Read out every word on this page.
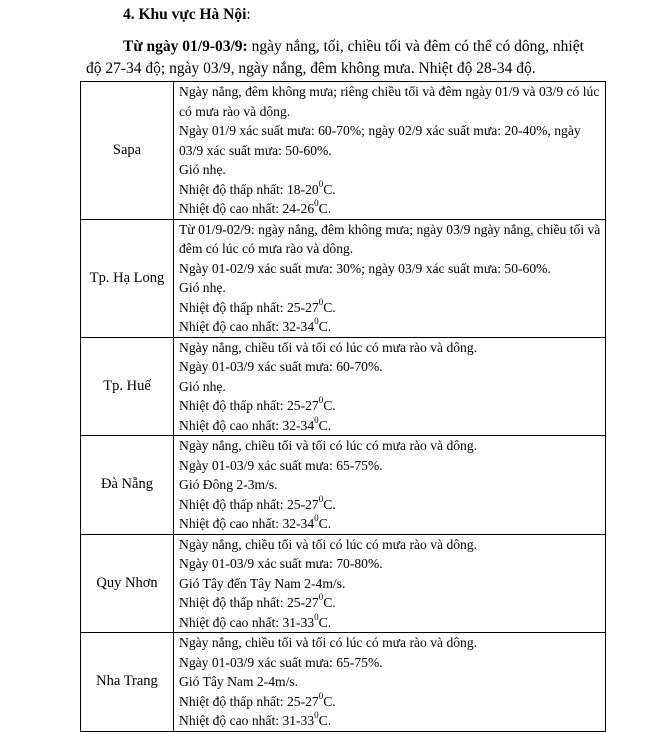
4. Khu vực Hà Nội:
Từ ngày 01/9-03/9: ngày nắng, tối, chiều tối và đêm có thể có dông, nhiệt độ 27-34 độ; ngày 03/9, ngày nắng, đêm không mưa. Nhiệt độ 28-34 độ.
Sapa	Ngày nắng, đêm không mưa; riêng chiều tối và đêm ngày 01/9 và 03/9 có lúc có mưa rào và dông.
Ngày 01/9 xác suất mưa: 60-70%; ngày 02/9 xác suất mưa: 20-40%, ngày 03/9 xác suất mưa: 50-60%.
Gió nhẹ.
Nhiệt độ thấp nhất: $18-20^0C$.
Nhiệt độ cao nhất: $24-26^0C$.

Tp. Hạ Long	Từ 01/9-02/9: ngày nắng, đêm không mưa; ngày 03/9 ngày nắng, chiều tối và đêm có lúc có mưa rào và dông.
Ngày 01-02/9 xác suất mưa: 30%; ngày 03/9 xác suất mưa: 50-60%.
Gió nhẹ.
Nhiệt độ thấp nhất: $25-27^0C$.
Nhiệt độ cao nhất: $32-34^0C$.

Tp. Huế	Ngày nắng, chiều tối và tối có lúc có mưa rào và dông.
Ngày 01-03/9 xác suất mưa: 60-70%.
Gió nhẹ.
Nhiệt độ thấp nhất: $25-27^0C$.
Nhiệt độ cao nhất: $32-34^0C$.

Đà Nẵng	Ngày nắng, chiều tối và tối có lúc có mưa rào và dông.
Ngày 01-03/9 xác suất mưa: 65-75%.
Gió Đông 2-3m/s.
Nhiệt độ thấp nhất: $25-27^0C$.
Nhiệt độ cao nhất: $32-34^0C$.

Quy Nhơn	Ngày nắng, chiều tối và tối có lúc có mưa rào và dông.
Ngày 01-03/9 xác suất mưa: 70-80%.
Gió Tây đến Tây Nam 2-4m/s.
Nhiệt độ thấp nhất: $25-27^0C$.
Nhiệt độ cao nhất: $31-33^0C$.

Nha Trang	Ngày nắng, chiều tối và tối có lúc có mưa rào và dông.
Ngày 01-03/9 xác suất mưa: 65-75%.
Gió Tây Nam 2-4m/s.
Nhiệt độ thấp nhất: $25-27^0C$.
Nhiệt độ cao nhất: $31-33^0C$.
